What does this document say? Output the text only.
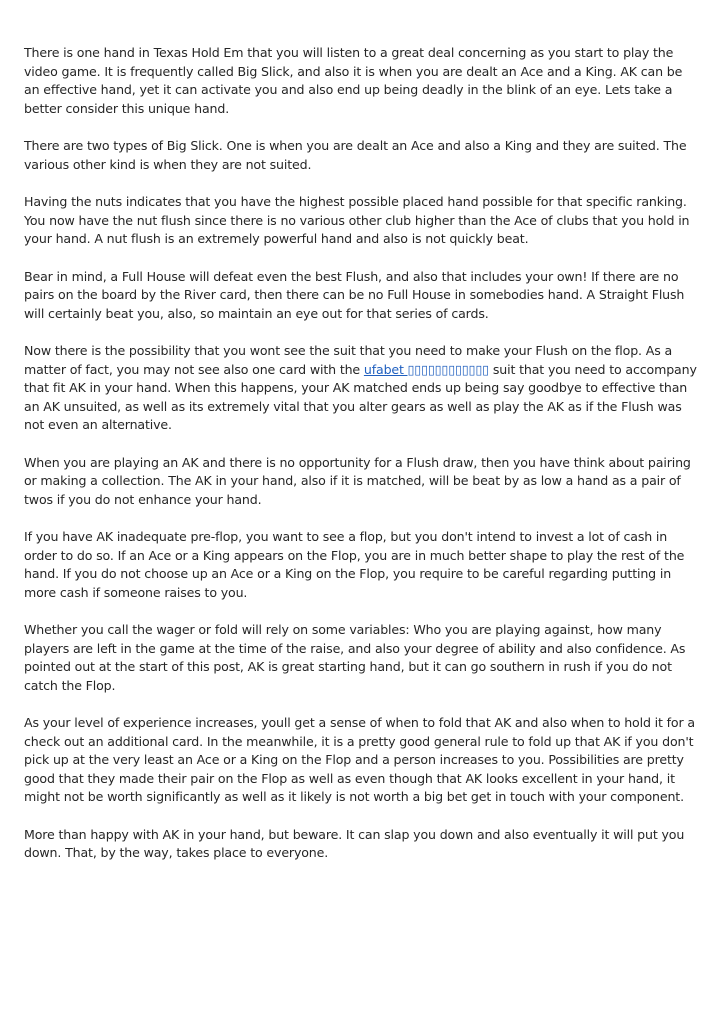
There is one hand in Texas Hold Em that you will listen to a great deal concerning as you start to play the video game. It is frequently called Big Slick, and also it is when you are dealt an Ace and a King. AK can be an effective hand, yet it can activate you and also end up being deadly in the blink of an eye. Lets take a better consider this unique hand.

There are two types of Big Slick. One is when you are dealt an Ace and also a King and they are suited. The various other kind is when they are not suited.

Having the nuts indicates that you have the highest possible placed hand possible for that specific ranking. You now have the nut flush since there is no various other club higher than the Ace of clubs that you hold in your hand. A nut flush is an extremely powerful hand and also is not quickly beat.

Bear in mind, a Full House will defeat even the best Flush, and also that includes your own! If there are no pairs on the board by the River card, then there can be no Full House in somebodies hand. A Straight Flush will certainly beat you, also, so maintain an eye out for that series of cards.

Now there is the possibility that you wont see the suit that you need to make your Flush on the flop. As a matter of fact, you may not see also one card with the ufabet ▯▯▯▯▯▯▯▯▯▯▯▯ suit that you need to accompany that fit AK in your hand. When this happens, your AK matched ends up being say goodbye to effective than an AK unsuited, as well as its extremely vital that you alter gears as well as play the AK as if the Flush was not even an alternative.

When you are playing an AK and there is no opportunity for a Flush draw, then you have think about pairing or making a collection. The AK in your hand, also if it is matched, will be beat by as low a hand as a pair of twos if you do not enhance your hand.

If you have AK inadequate pre-flop, you want to see a flop, but you don't intend to invest a lot of cash in order to do so. If an Ace or a King appears on the Flop, you are in much better shape to play the rest of the hand. If you do not choose up an Ace or a King on the Flop, you require to be careful regarding putting in more cash if someone raises to you.

Whether you call the wager or fold will rely on some variables: Who you are playing against, how many players are left in the game at the time of the raise, and also your degree of ability and also confidence. As pointed out at the start of this post, AK is great starting hand, but it can go southern in rush if you do not catch the Flop.

As your level of experience increases, youll get a sense of when to fold that AK and also when to hold it for a check out an additional card. In the meanwhile, it is a pretty good general rule to fold up that AK if you don't pick up at the very least an Ace or a King on the Flop and a person increases to you. Possibilities are pretty good that they made their pair on the Flop as well as even though that AK looks excellent in your hand, it might not be worth significantly as well as it likely is not worth a big bet get in touch with your component.

More than happy with AK in your hand, but beware. It can slap you down and also eventually it will put you down. That, by the way, takes place to everyone.
